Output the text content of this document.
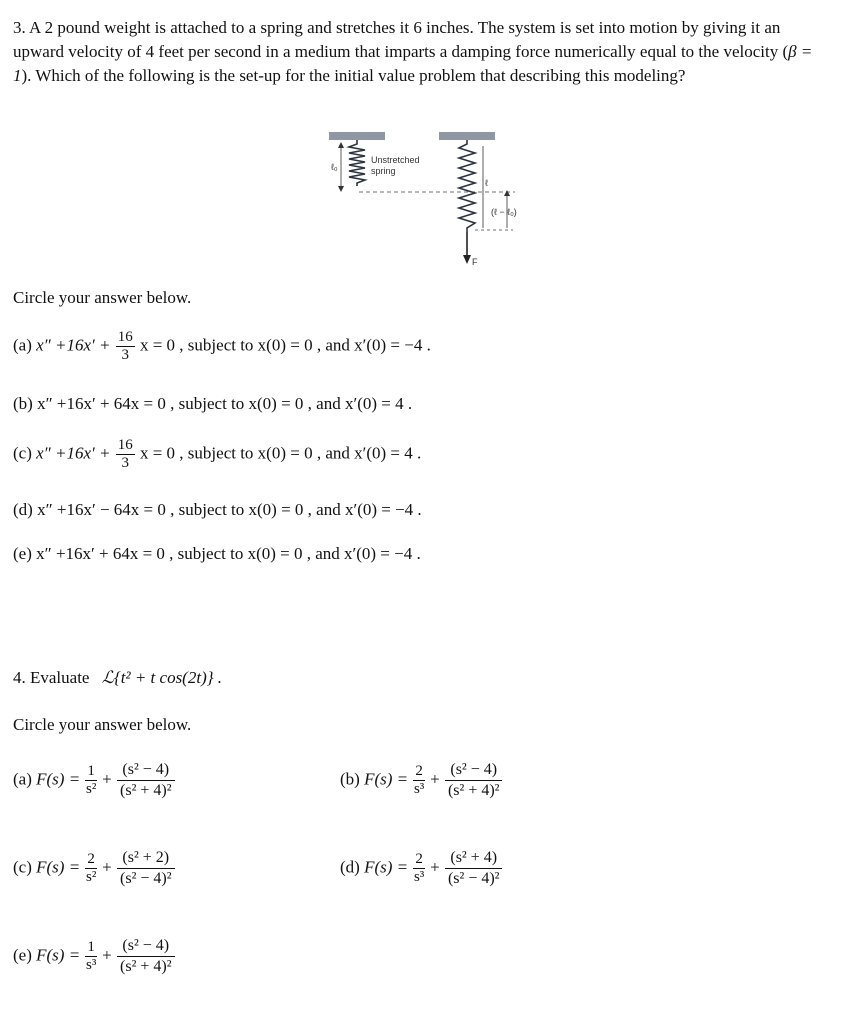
3. A 2 pound weight is attached to a spring and stretches it 6 inches. The system is set into motion by giving it an upward velocity of 4 feet per second in a medium that imparts a damping force numerically equal to the velocity (β = 1). Which of the following is the set-up for the initial value problem that describing this modeling?
ℓ₀
Unstretched
spring
ℓ
(ℓ − ℓ₀)
F
Circle your answer below.
(a) $x'' +16x' + \frac{16}{3}$ x = 0 , subject to x(0) = 0 , and x′(0) = −4 .
(b) x″ +16x′ + 64x = 0 , subject to x(0) = 0 , and x′(0) = 4 .
(c) $x'' +16x' + \frac{16}{3}$ x = 0 , subject to x(0) = 0 , and x′(0) = 4 .
(d) x″ +16x′ − 64x = 0 , subject to x(0) = 0 , and x′(0) = −4 .
(e) x″ +16x′ + 64x = 0 , subject to x(0) = 0 , and x′(0) = −4 .
4. Evaluate ℒ{t² + t cos(2t)} .
Circle your answer below.
(a) $F(s) = \frac{1}{\text{s²}} + \frac{\text{(s² − 4)}}{\text{(s² + 4)²}}$	(b) $F(s) = \frac{2}{\text{s³}} + \frac{\text{(s² − 4)}}{\text{(s² + 4)²}}$
(c) $F(s) = \frac{2}{\text{s²}} + \frac{\text{(s² + 2)}}{\text{(s² − 4)²}}$	(d) $F(s) = \frac{2}{\text{s³}} + \frac{\text{(s² + 4)}}{\text{(s² − 4)²}}$
(e) $F(s) = \frac{1}{\text{s³}} + \frac{\text{(s² − 4)}}{\text{(s² + 4)²}}$
